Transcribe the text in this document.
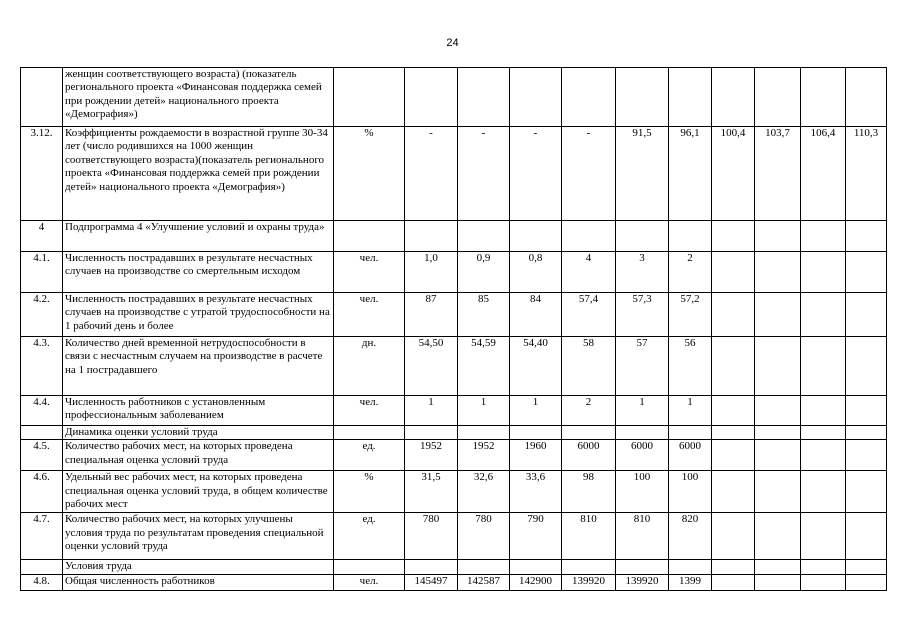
24
	женщин соответствующего возраста) (показатель регионального проекта «Финансовая поддержка семей при рождении детей» национального проекта «Демография»)											
3.12.	Коэффициенты рождаемости в возрастной группе 30-34 лет (число родившихся на 1000 женщин соответствующего возраста)(показатель регионального проекта «Финансовая поддержка семей при рождении детей» национального проекта «Демография»)	%	-	-	-	-	91,5	96,1	100,4	103,7	106,4	110,3
4	Подпрограмма 4 «Улучшение условий и охраны труда»											
4.1.	Численность пострадавших в результате несчастных случаев на производстве со смертельным исходом	чел.	1,0	0,9	0,8	4	3	2				
4.2.	Численность пострадавших в результате несчастных случаев на производстве с утратой трудоспособности на 1 рабочий день и более	чел.	87	85	84	57,4	57,3	57,2				
4.3.	Количество дней временной нетрудоспособности в связи с несчастным случаем на производстве в расчете на 1 пострадавшего	дн.	54,50	54,59	54,40	58	57	56				
4.4.	Численность работников с установленным профессиональным заболеванием	чел.	1	1	1	2	1	1				
	Динамика оценки условий труда											
4.5.	Количество рабочих мест, на которых проведена специальная оценка условий труда	ед.	1952	1952	1960	6000	6000	6000				
4.6.	Удельный вес рабочих мест, на которых проведена специальная оценка условий труда, в общем количестве рабочих мест	%	31,5	32,6	33,6	98	100	100				
4.7.	Количество рабочих мест, на которых улучшены условия труда по результатам проведения специальной оценки условий труда	ед.	780	780	790	810	810	820				
	Условия труда											
4.8.	Общая численность работников	чел.	145497	142587	142900	139920	139920	1399				
